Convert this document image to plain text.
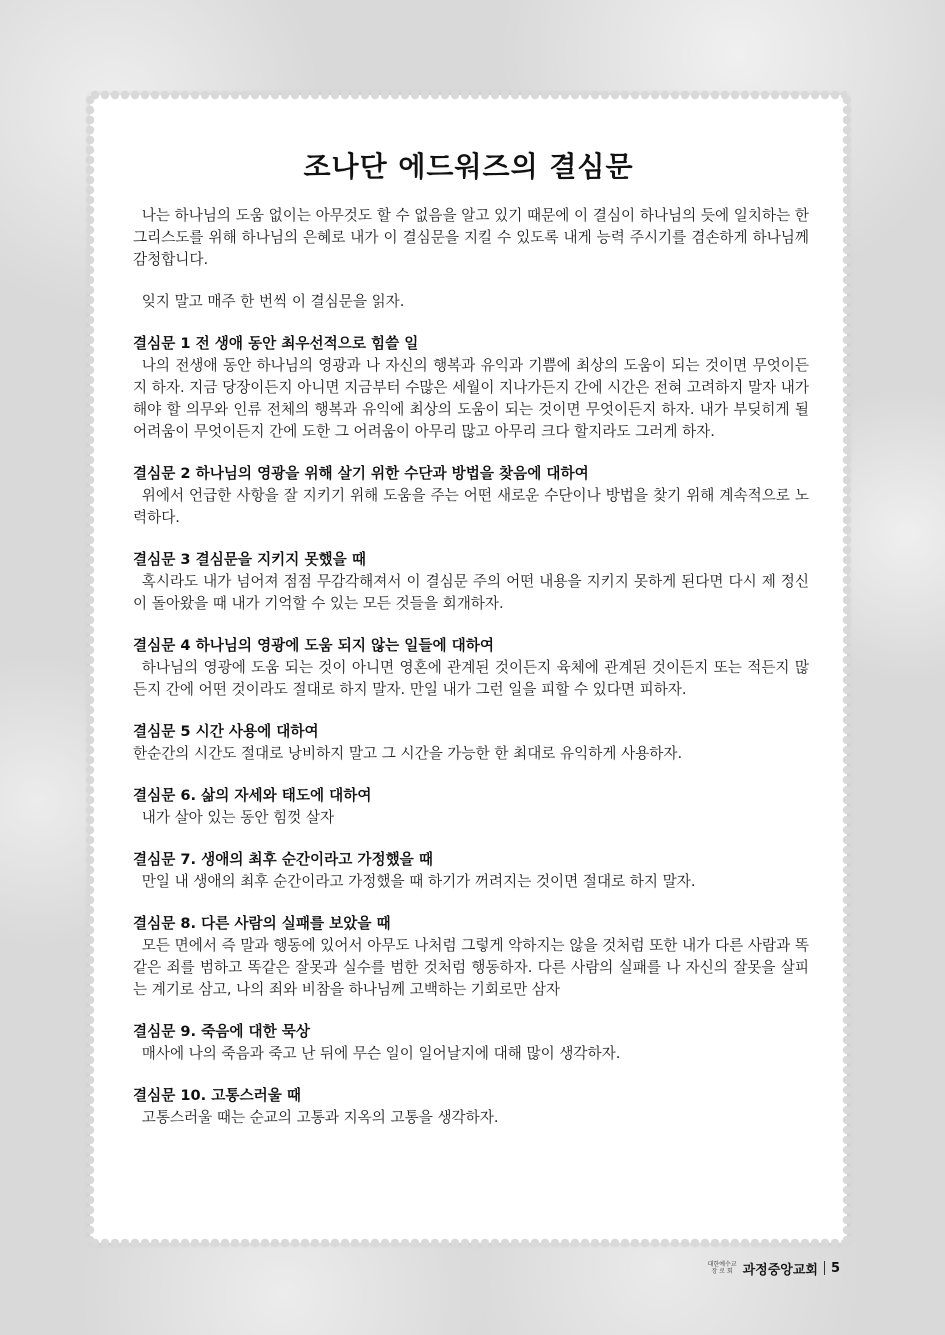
조나단 에드워즈의 결심문

나는 하나님의 도움 없이는 아무것도 할 수 없음을 알고 있기 때문에 이 결심이 하나님의 듯에 일치하는 한 그리스도를 위해 하나님의 은혜로 내가 이 결심문을 지킬 수 있도록 내게 능력 주시기를 겸손하게 하나님께 감청합니다.

잊지 말고 매주 한 번씩 이 결심문을 읽자.

결심문 1 전 생애 동안 최우선적으로 힘쓸 일

나의 전생애 동안 하나님의 영광과 나 자신의 행복과 유익과 기쁨에 최상의 도움이 되는 것이면 무엇이든지 하자. 지금 당장이든지 아니면 지금부터 수많은 세월이 지나가든지 간에 시간은 전혀 고려하지 말자 내가 해야 할 의무와 인류 전체의 행복과 유익에 최상의 도움이 되는 것이면 무엇이든지 하자. 내가 부딪히게 될 어려움이 무엇이든지 간에 도한 그 어려움이 아무리 많고 아무리 크다 할지라도 그러게 하자.

결심문 2 하나님의 영광을 위해 살기 위한 수단과 방법을 찾음에 대하여

위에서 언급한 사항을 잘 지키기 위해 도움을 주는 어떤 새로운 수단이나 방법을 찾기 위해 계속적으로 노력하다.

결심문 3 결심문을 지키지 못했을 때

혹시라도 내가 넘어져 점점 무감각해져서 이 결심문 주의 어떤 내용을 지키지 못하게 된다면 다시 제 정신이 돌아왔을 때 내가 기억할 수 있는 모든 것들을 회개하자.

결심문 4 하나님의 영광에 도움 되지 않는 일들에 대하여

하나님의 영광에 도움 되는 것이 아니면 영혼에 관계된 것이든지 육체에 관계된 것이든지 또는 적든지 많든지 간에 어떤 것이라도 절대로 하지 말자. 만일 내가 그런 일을 피할 수 있다면 피하자.

결심문 5 시간 사용에 대하여

한순간의 시간도 절대로 낭비하지 말고 그 시간을 가능한 한 최대로 유익하게 사용하자.

결심문 6. 삶의 자세와 태도에 대하여

내가 살아 있는 동안 힘껏 살자

결심문 7. 생애의 최후 순간이라고 가정했을 때

만일 내 생애의 최후 순간이라고 가정했을 때 하기가 꺼려지는 것이면 절대로 하지 말자.

결심문 8. 다른 사람의 실패를 보았을 때

모든 면에서 즉 말과 행동에 있어서 아무도 나처럼 그렇게 악하지는 않을 것처럼 또한 내가 다른 사람과 똑같은 죄를 범하고 똑같은 잘못과 실수를 범한 것처럼 행동하자. 다른 사람의 실패를 나 자신의 잘못을 살피는 계기로 삼고, 나의 죄와 비참을 하나님께 고백하는 기회로만 삼자

결심문 9. 죽음에 대한 묵상

매사에 나의 죽음과 죽고 난 뒤에 무슨 일이 일어날지에 대해 많이 생각하자.

결심문 10. 고통스러울 때

고통스러울 때는 순교의 고통과 지옥의 고통을 생각하자.

대한예수교
장 로 회 과정중앙교회 5
